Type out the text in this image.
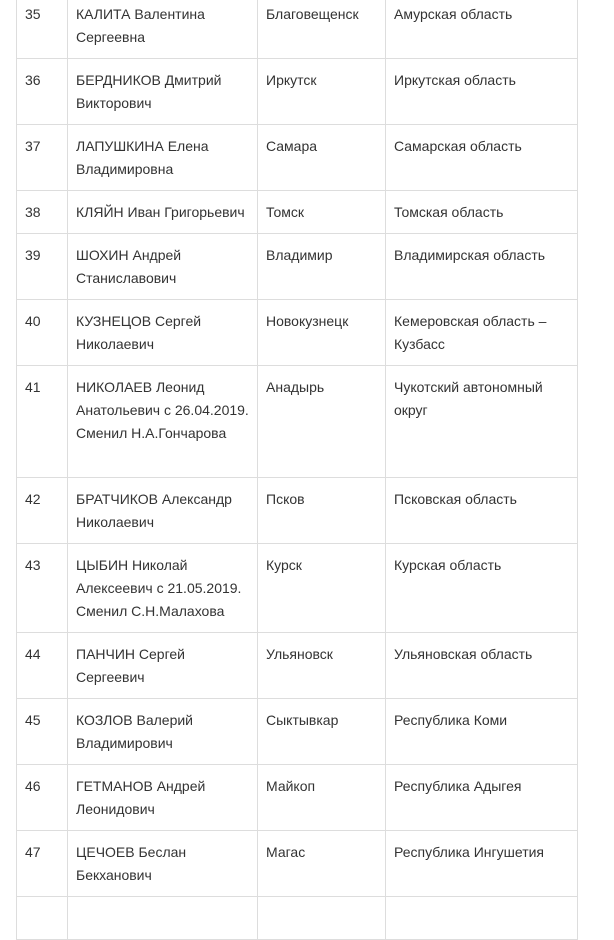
35	КАЛИТА Валентина Сергеевна	Благовещенск	Амурская область
36	БЕРДНИКОВ Дмитрий Викторович	Иркутск	Иркутская область
37	ЛАПУШКИНА Елена Владимировна	Самара	Самарская область
38	КЛЯЙН Иван Григорьевич	Томск	Томская область
39	ШОХИН Андрей Станиславович	Владимир	Владимирская область
40	КУЗНЕЦОВ Сергей Николаевич	Новокузнецк	Кемеровская область – Кузбасс
41	НИКОЛАЕВ Леонид Анатольевич с 26.04.2019. Сменил Н.А.Гончарова	Анадырь	Чукотский автономный округ
42	БРАТЧИКОВ Александр Николаевич	Псков	Псковская область
43	ЦЫБИН Николай Алексеевич с 21.05.2019. Сменил С.Н.Малахова	Курск	Курская область
44	ПАНЧИН Сергей Сергеевич	Ульяновск	Ульяновская область
45	КОЗЛОВ Валерий Владимирович	Сыктывкар	Республика Коми
46	ГЕТМАНОВ Андрей Леонидович	Майкоп	Республика Адыгея
47	ЦЕЧОЕВ Беслан Бекханович	Магас	Республика Ингушетия
